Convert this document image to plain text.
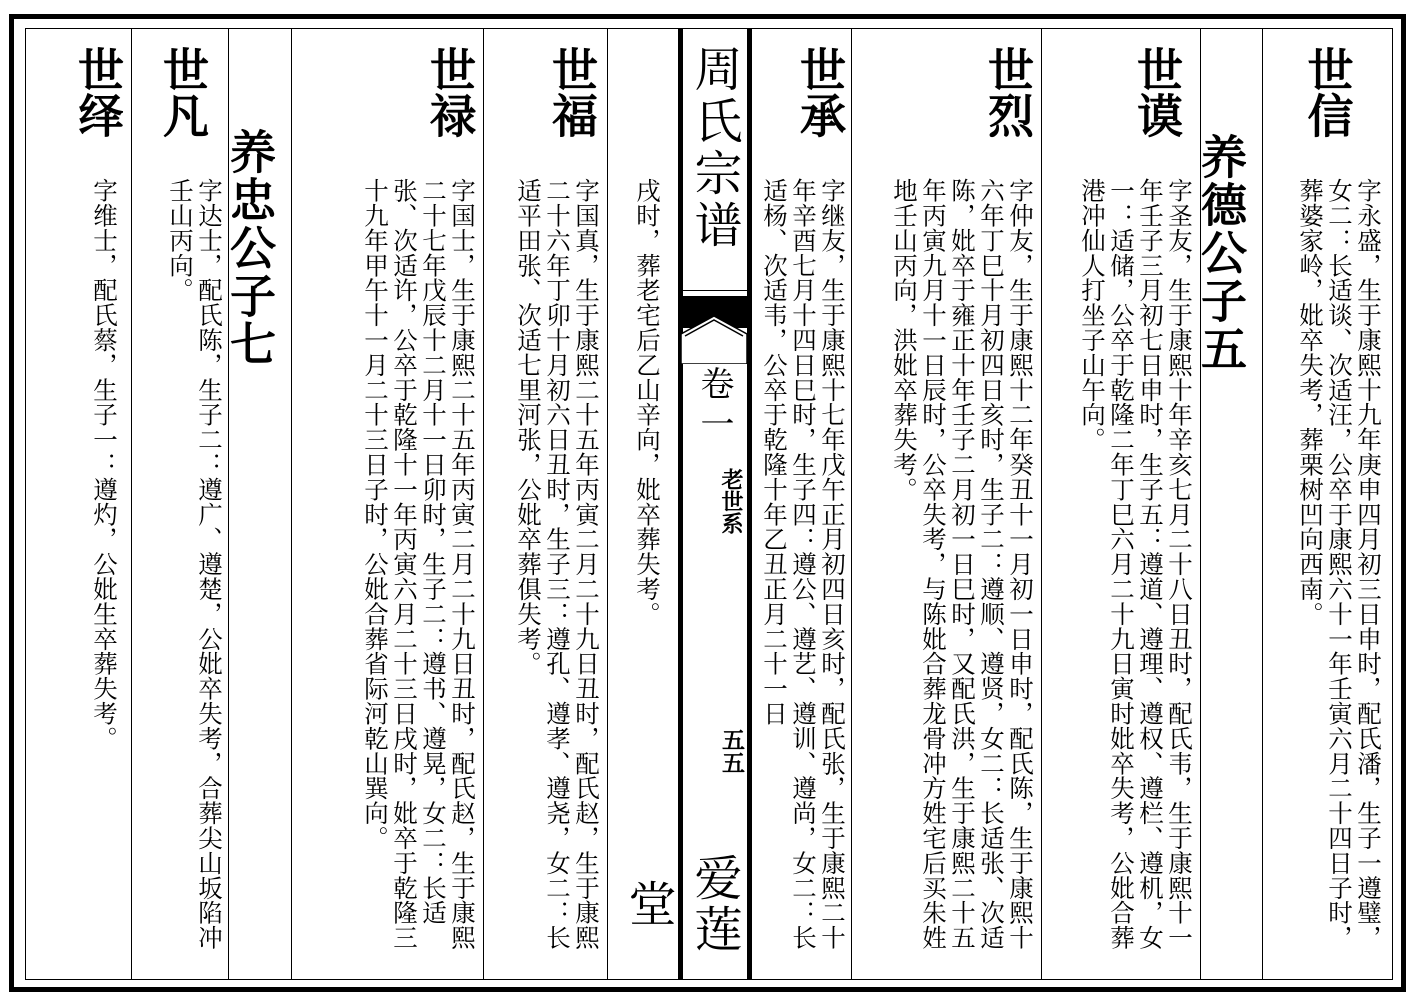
世信
字永盛，生于康熙十九年庚申四月初三日申时，配氏潘，生子一遵璧，女二：长适谈、次适汪，公卒于康熙六十一年壬寅六月二十四日子时，葬婆家岭，妣卒失考，葬栗树凹向西南。
养德公子五
世谟
字圣友，生于康熙十年辛亥七月二十八日丑时，配氏韦，生于康熙十一年壬子三月初七日申时，生子五：遵道、遵理、遵权、遵栏、遵机，女一：适储，公卒于乾隆二年丁巳六月二十九日寅时妣卒失考，公妣合葬港冲仙人打坐子山午向。
世烈
字仲友，生于康熙十二年癸丑十一月初一日申时，配氏陈，生于康熙十六年丁巳十月初四日亥时，生子二：遵顺、遵贤，女二：长适张、次适陈，妣卒于雍正十年壬子二月初一日巳时，又配氏洪，生于康熙二十五年丙寅九月十一日辰时，公卒失考，与陈妣合葬龙骨冲方姓宅后买朱姓地壬山丙向，洪妣卒葬失考。
世承
字继友，生于康熙十七年戊午正月初四日亥时，配氏张，生于康熙二十年辛酉七月十四日巳时，生子四：遵公、遵艺、遵训、遵尚，女二：长适杨、次适韦，公卒于乾隆十年乙丑正月二十一日
周氏宗谱
卷一
老世系
五五
爱莲堂
戌时，葬老宅后乙山辛向，妣卒葬失考。
世福
字国真，生于康熙二十五年丙寅二月二十九日丑时，配氏赵，生于康熙二十六年丁卯十月初六日丑时，生子三：遵孔、遵孝、遵尧，女二：长适平田张、次适七里河张，公妣卒葬俱失考。
世禄
字国士，生于康熙二十五年丙寅二月二十九日丑时，配氏赵，生于康熙二十七年戊辰十二月十一日卯时，生子二：遵书、遵晃，女二：长适张、次适许，公卒于乾隆十一年丙寅六月二十三日戌时，妣卒于乾隆三十九年甲午十一月二十三日子时，公妣合葬省际河乾山巽向。
养忠公子七
世凡
字达士，配氏陈，生子二：遵广、遵楚，公妣卒失考，合葬尖山坂陷冲壬山丙向。
世绎
字维士，配氏蔡，生子一：遵灼，公妣生卒葬失考。
